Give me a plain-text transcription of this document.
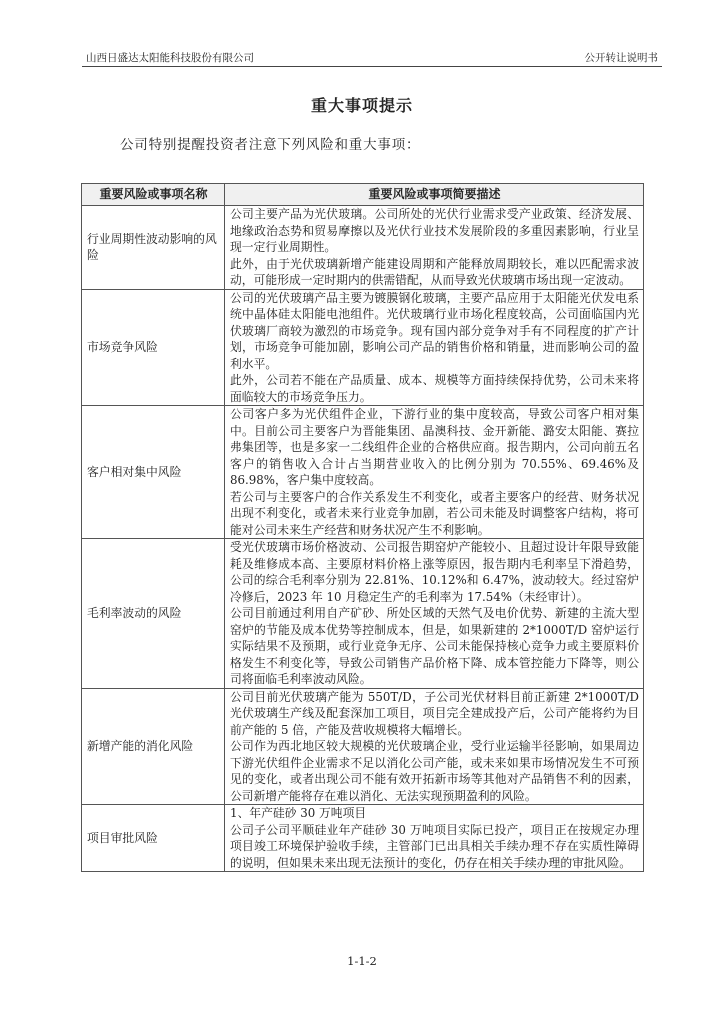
山西日盛达太阳能科技股份有限公司	公开转让说明书
重大事项提示
公司特别提醒投资者注意下列风险和重大事项：
重要风险或事项名称	重要风险或事项简要描述
行业周期性波动影响的风险	公司主要产品为光伏玻璃。公司所处的光伏行业需求受产业政策、经济发展、地缘政治态势和贸易摩擦以及光伏行业技术发展阶段的多重因素影响，行业呈现一定行业周期性。

此外，由于光伏玻璃新增产能建设周期和产能释放周期较长，难以匹配需求波动，可能形成一定时期内的供需错配，从而导致光伏玻璃市场出现一定波动。

市场竞争风险	公司的光伏玻璃产品主要为镀膜钢化玻璃，主要产品应用于太阳能光伏发电系统中晶体硅太阳能电池组件。光伏玻璃行业市场化程度较高，公司面临国内光伏玻璃厂商较为激烈的市场竞争。现有国内部分竞争对手有不同程度的扩产计划，市场竞争可能加剧，影响公司产品的销售价格和销量，进而影响公司的盈利水平。

此外，公司若不能在产品质量、成本、规模等方面持续保持优势，公司未来将面临较大的市场竞争压力。

客户相对集中风险	公司客户多为光伏组件企业，下游行业的集中度较高，导致公司客户相对集中。目前公司主要客户为晋能集团、晶澳科技、金开新能、潞安太阳能、赛拉弗集团等，也是多家一二线组件企业的合格供应商。报告期内，公司向前五名客户的销售收入合计占当期营业收入的比例分别为 70.55%、69.46%及 86.98%，客户集中度较高。

若公司与主要客户的合作关系发生不利变化，或者主要客户的经营、财务状况出现不利变化，或者未来行业竞争加剧，若公司未能及时调整客户结构，将可能对公司未来生产经营和财务状况产生不利影响。

毛利率波动的风险	受光伏玻璃市场价格波动、公司报告期窑炉产能较小、且超过设计年限导致能耗及维修成本高、主要原材料价格上涨等原因，报告期内毛利率呈下滑趋势，公司的综合毛利率分别为 22.81%、10.12%和 6.47%，波动较大。经过窑炉冷修后，2023 年 10 月稳定生产的毛利率为 17.54%（未经审计）。

公司目前通过利用自产矿砂、所处区域的天然气及电价优势、新建的主流大型窑炉的节能及成本优势等控制成本，但是，如果新建的 2*1000T/D 窑炉运行实际结果不及预期，或行业竞争无序、公司未能保持核心竞争力或主要原料价格发生不利变化等，导致公司销售产品价格下降、成本管控能力下降等，则公司将面临毛利率波动风险。

新增产能的消化风险	公司目前光伏玻璃产能为 550T/D，子公司光伏材料目前正新建 2*1000T/D 光伏玻璃生产线及配套深加工项目，项目完全建成投产后，公司产能将约为目前产能的 5 倍，产能及营收规模将大幅增长。

公司作为西北地区较大规模的光伏玻璃企业，受行业运输半径影响，如果周边下游光伏组件企业需求不足以消化公司产能，或未来如果市场情况发生不可预见的变化，或者出现公司不能有效开拓新市场等其他对产品销售不利的因素，公司新增产能将存在难以消化、无法实现预期盈利的风险。

项目审批风险	1、年产硅砂 30 万吨项目

公司子公司平顺硅业年产硅砂 30 万吨项目实际已投产，项目正在按规定办理项目竣工环境保护验收手续，主管部门已出具相关手续办理不存在实质性障碍的说明，但如果未来出现无法预计的变化，仍存在相关手续办理的审批风险。

1-1-2
